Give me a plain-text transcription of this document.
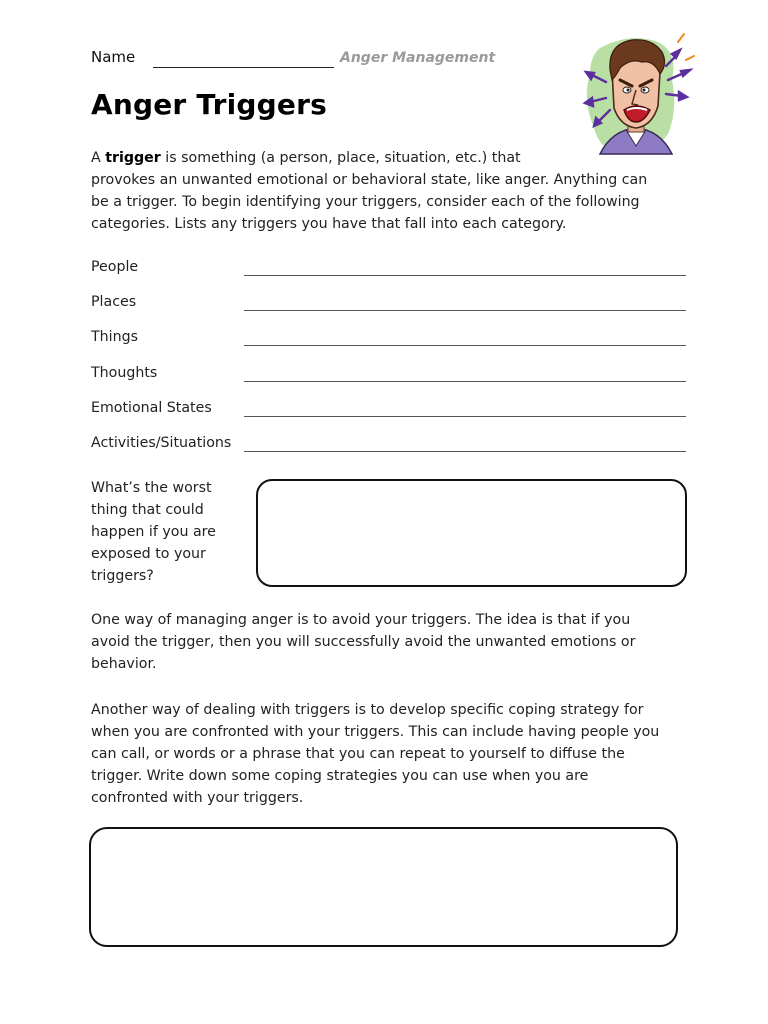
Name	Anger Management
Anger Triggers

A trigger is something (a person, place, situation, etc.) that
provokes an unwanted emotional or behavioral state, like anger. Anything can
be a trigger. To begin identifying your triggers, consider each of the following
categories. Lists any triggers you have that fall into each category.

People
Places
Things
Thoughts
Emotional States
Activities/Situations
What’s the worst
thing that could
happen if you are
exposed to your
triggers?

One way of managing anger is to avoid your triggers. The idea is that if you
avoid the trigger, then you will successfully avoid the unwanted emotions or
behavior.

Another way of dealing with triggers is to develop specific coping strategy for
when you are confronted with your triggers. This can include having people you
can call, or words or a phrase that you can repeat to yourself to diffuse the
trigger. Write down some coping strategies you can use when you are
confronted with your triggers.
